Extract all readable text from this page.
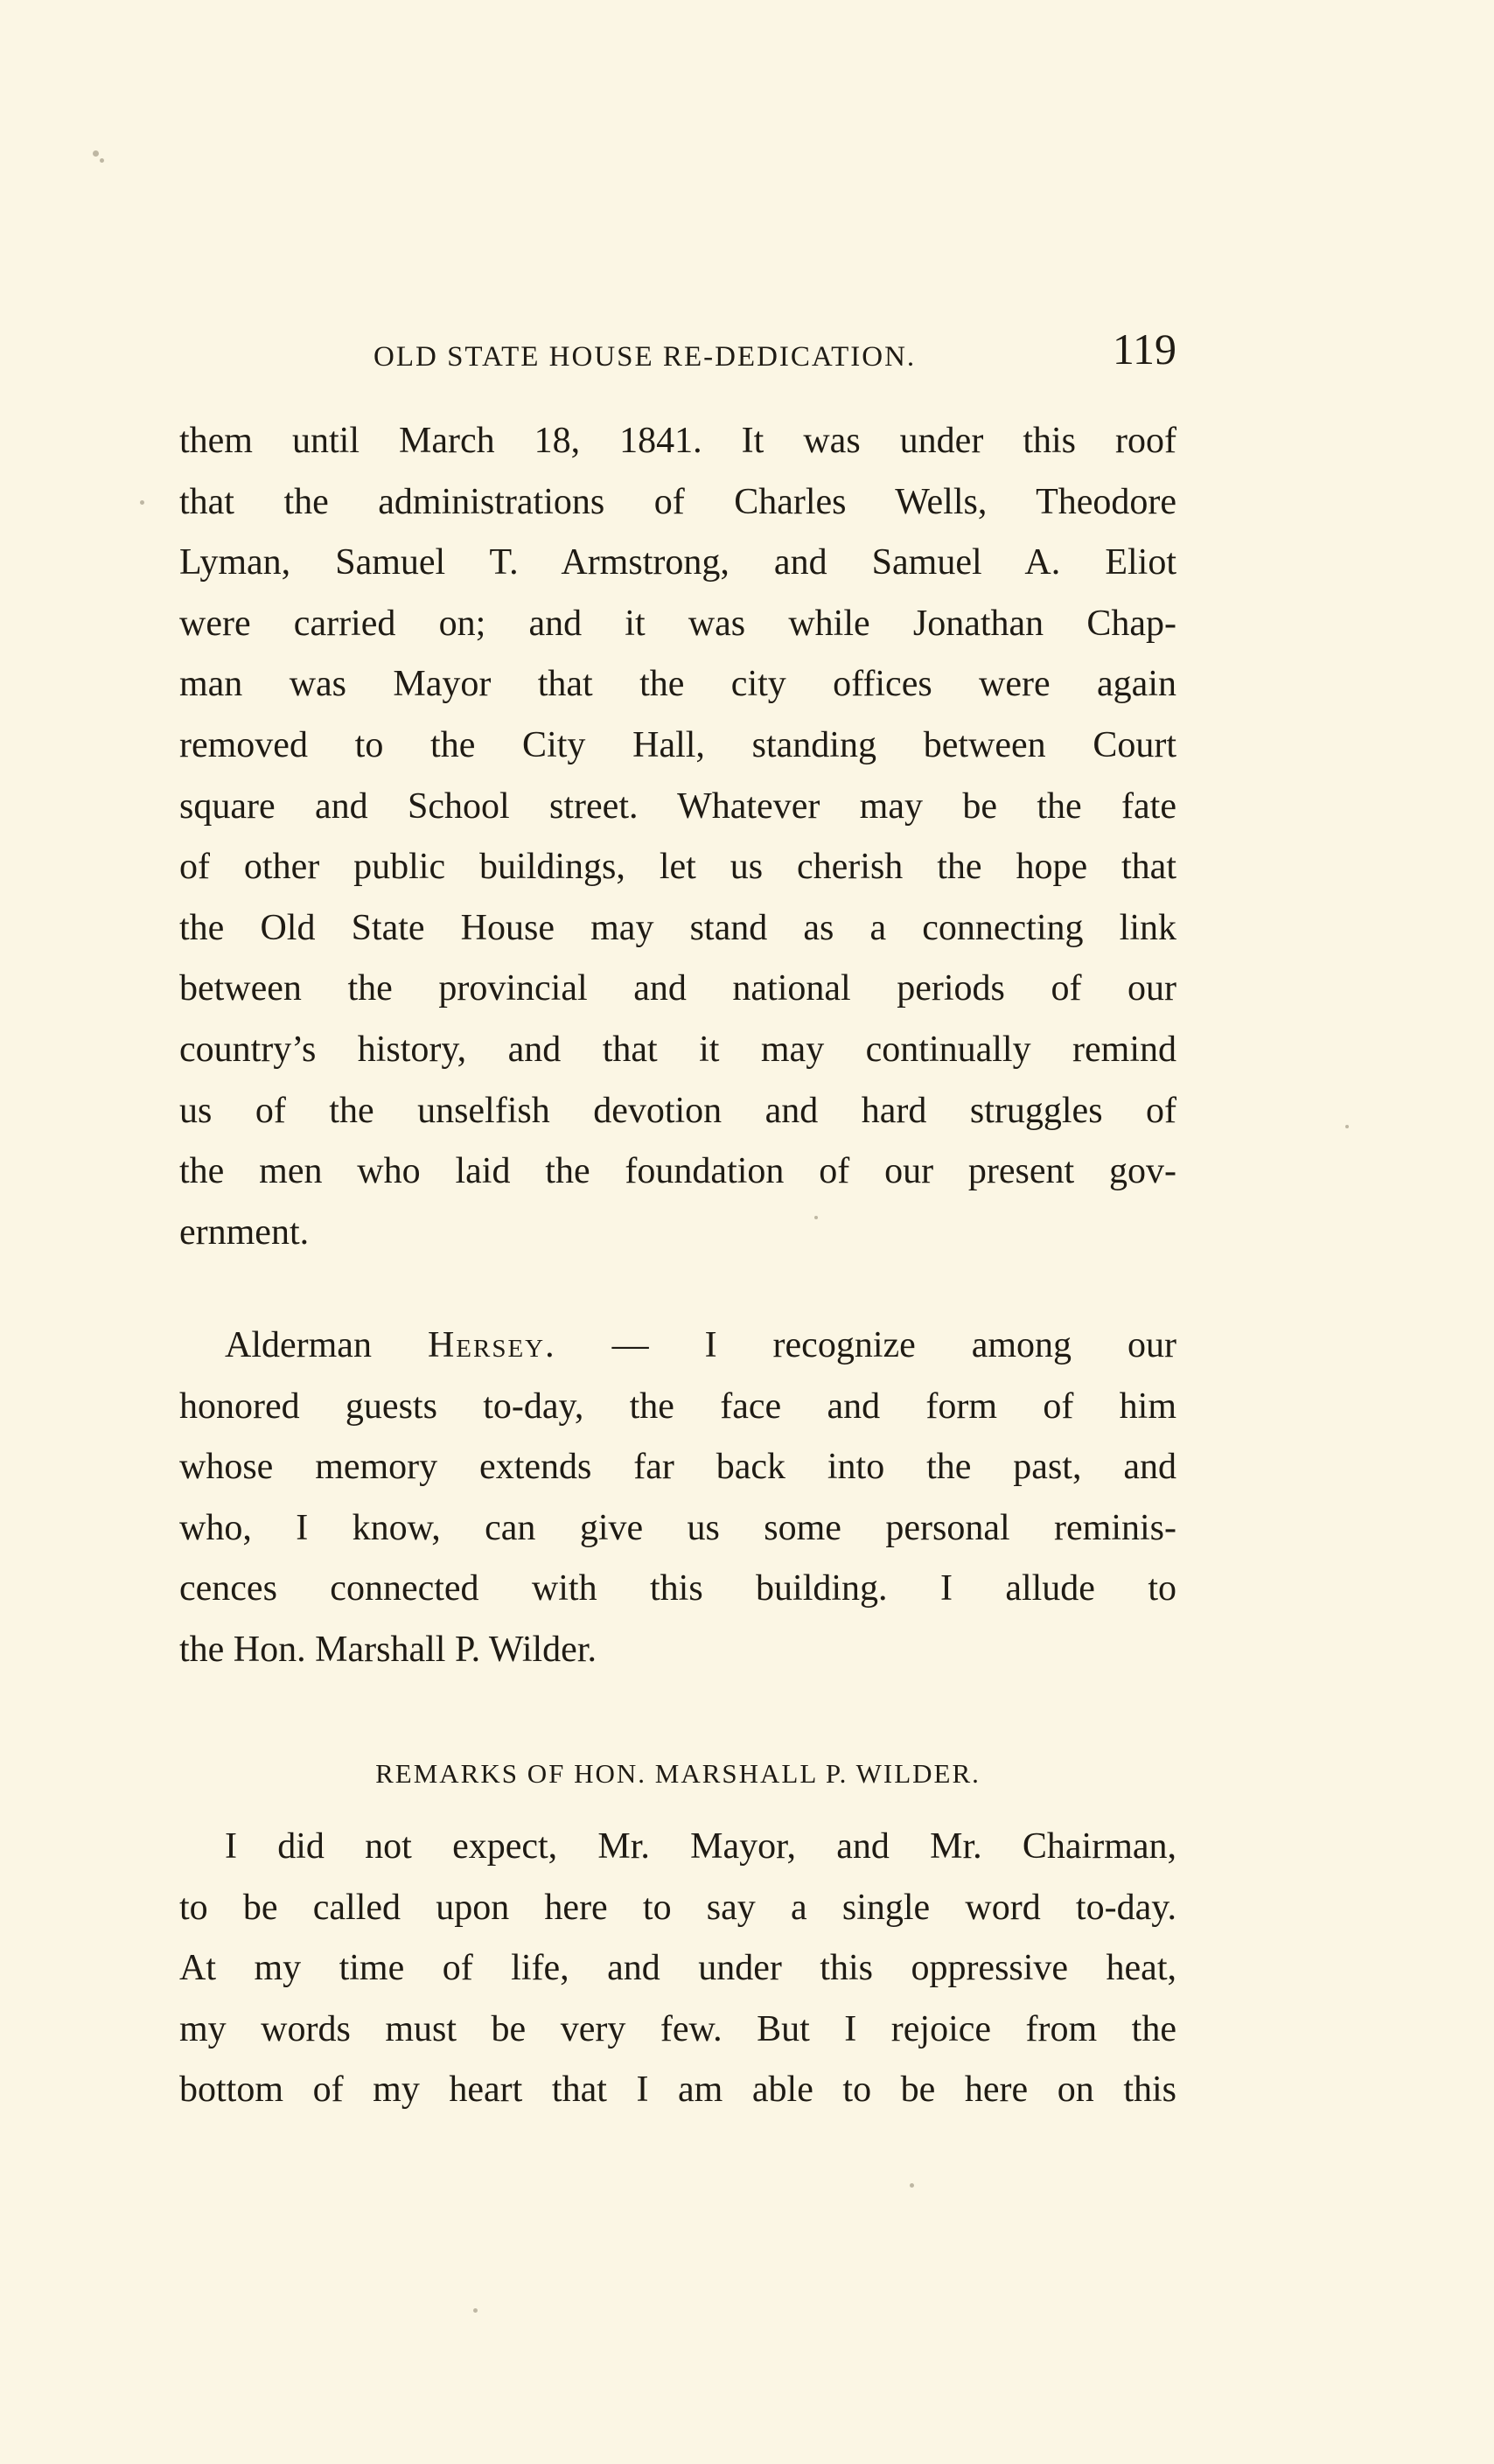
OLD STATE HOUSE RE-DEDICATION.	119

them until March 18, 1841. It was under this roof
that the administrations of Charles Wells, Theodore
Lyman, Samuel T. Armstrong, and Samuel A. Eliot
were carried on; and it was while Jonathan Chap-
man was Mayor that the city offices were again
removed to the City Hall, standing between Court
square and School street. Whatever may be the fate
of other public buildings, let us cherish the hope that
the Old State House may stand as a connecting link
between the provincial and national periods of our
country’s history, and that it may continually remind
us of the unselfish devotion and hard struggles of
the men who laid the foundation of our present gov-
ernment.

Alderman Hersey. — I recognize among our
honored guests to-day, the face and form of him
whose memory extends far back into the past, and
who, I know, can give us some personal reminis-
cences connected with this building. I allude to
the Hon. Marshall P. Wilder.

REMARKS OF HON. MARSHALL P. WILDER.

I did not expect, Mr. Mayor, and Mr. Chairman,
to be called upon here to say a single word to-day.
At my time of life, and under this oppressive heat,
my words must be very few. But I rejoice from the
bottom of my heart that I am able to be here on this
